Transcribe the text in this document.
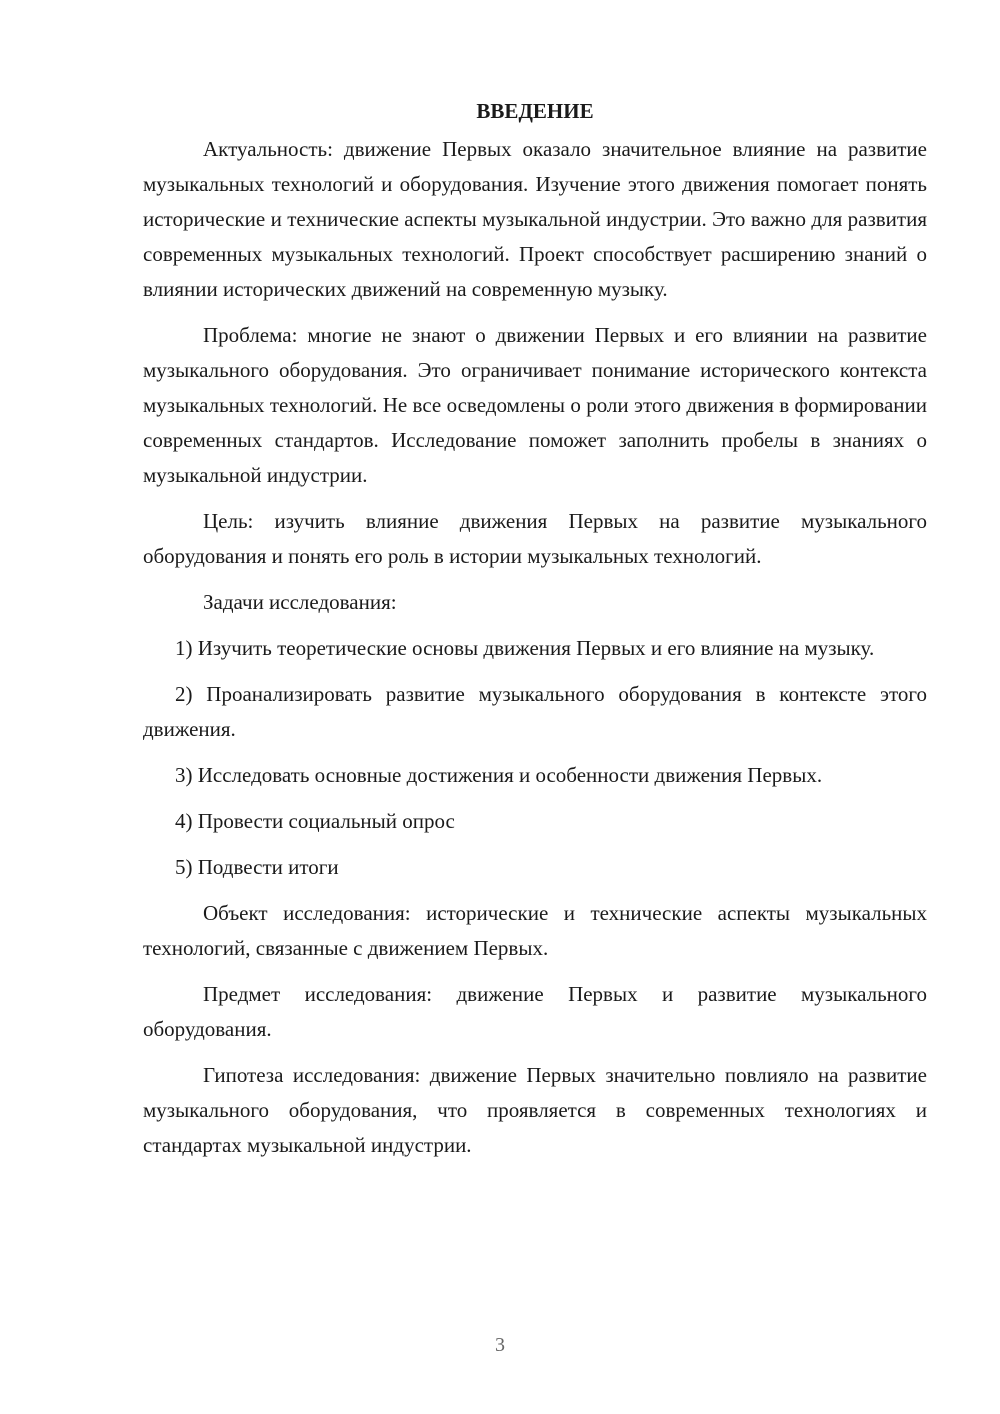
ВВЕДЕНИЕ

Актуальность: движение Первых оказало значительное влияние на развитие музыкальных технологий и оборудования. Изучение этого движения помогает понять исторические и технические аспекты музыкальной индустрии. Это важно для развития современных музыкальных технологий. Проект способствует расширению знаний о влиянии исторических движений на современную музыку.

Проблема: многие не знают о движении Первых и его влиянии на развитие музыкального оборудования. Это ограничивает понимание исторического контекста музыкальных технологий. Не все осведомлены о роли этого движения в формировании современных стандартов. Исследование поможет заполнить пробелы в знаниях о музыкальной индустрии.

Цель: изучить влияние движения Первых на развитие музыкального оборудования и понять его роль в истории музыкальных технологий.

Задачи исследования:

1) Изучить теоретические основы движения Первых и его влияние на музыку.

2) Проанализировать развитие музыкального оборудования в контексте этого движения.

3) Исследовать основные достижения и особенности движения Первых.

4) Провести социальный опрос

5) Подвести итоги

Объект исследования: исторические и технические аспекты музыкальных технологий, связанные с движением Первых.

Предмет исследования: движение Первых и развитие музыкального оборудования.

Гипотеза исследования: движение Первых значительно повлияло на развитие музыкального оборудования, что проявляется в современных технологиях и стандартах музыкальной индустрии.

3
